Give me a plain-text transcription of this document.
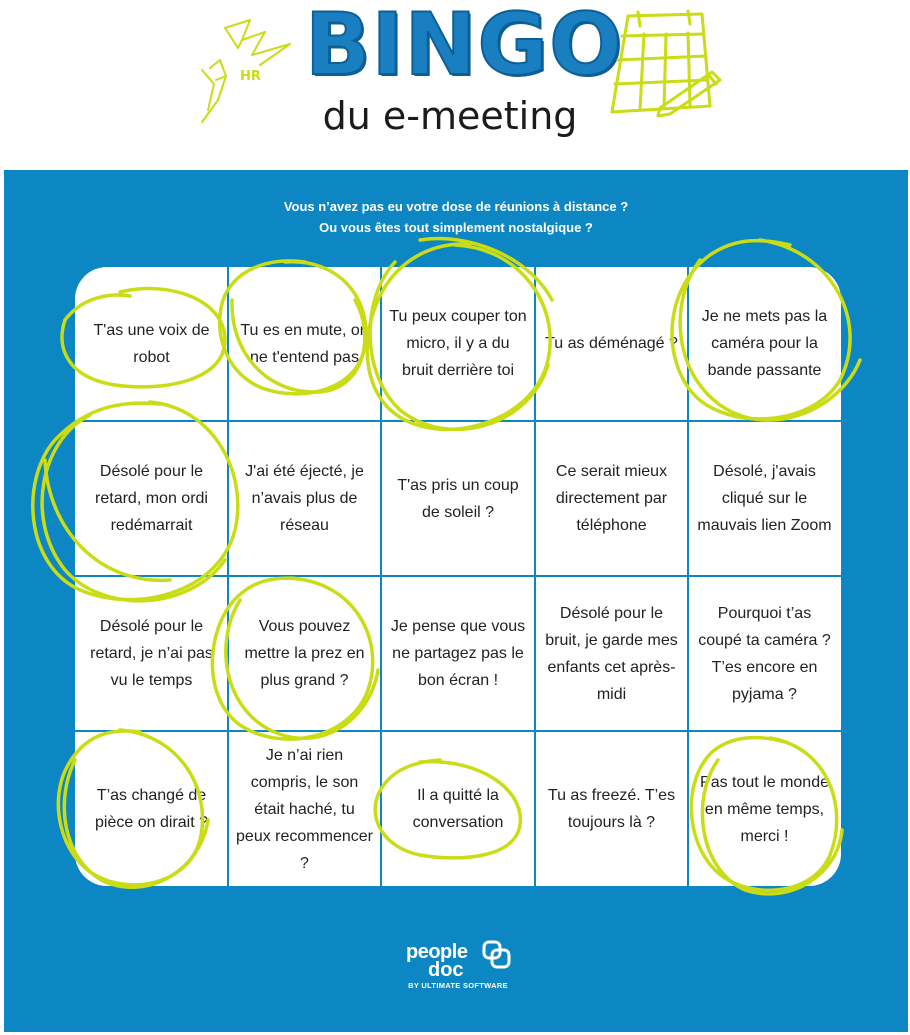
HR BINGO
du e-meeting
Vous n’avez pas eu votre dose de réunions à distance ?
Ou vous êtes tout simplement nostalgique ?
T'as une voix de robot
Tu es en mute, on ne t'entend pas
Tu peux couper ton micro, il y a du bruit derrière toi
Tu as déménagé ?
Je ne mets pas la caméra pour la bande passante
Désolé pour le retard, mon ordi redémarrait
J'ai été éjecté, je n’avais plus de réseau
T'as pris un coup de soleil ?
Ce serait mieux directement par téléphone
Désolé, j'avais cliqué sur le mauvais lien Zoom
Désolé pour le retard, je n’ai pas vu le temps
Vous pouvez mettre la prez en plus grand ?
Je pense que vous ne partagez pas le bon écran !
Désolé pour le bruit, je garde mes enfants cet après-midi
Pourquoi t’as coupé ta caméra ? T’es encore en pyjama ?
T’as changé de pièce on dirait ?
Je n’ai rien compris, le son était haché, tu peux recommencer ?
Il a quitté la conversation
Tu as freezé. T’es toujours là ?
Pas tout le monde en même temps, merci !
people
doc
BY ULTIMATE SOFTWARE
